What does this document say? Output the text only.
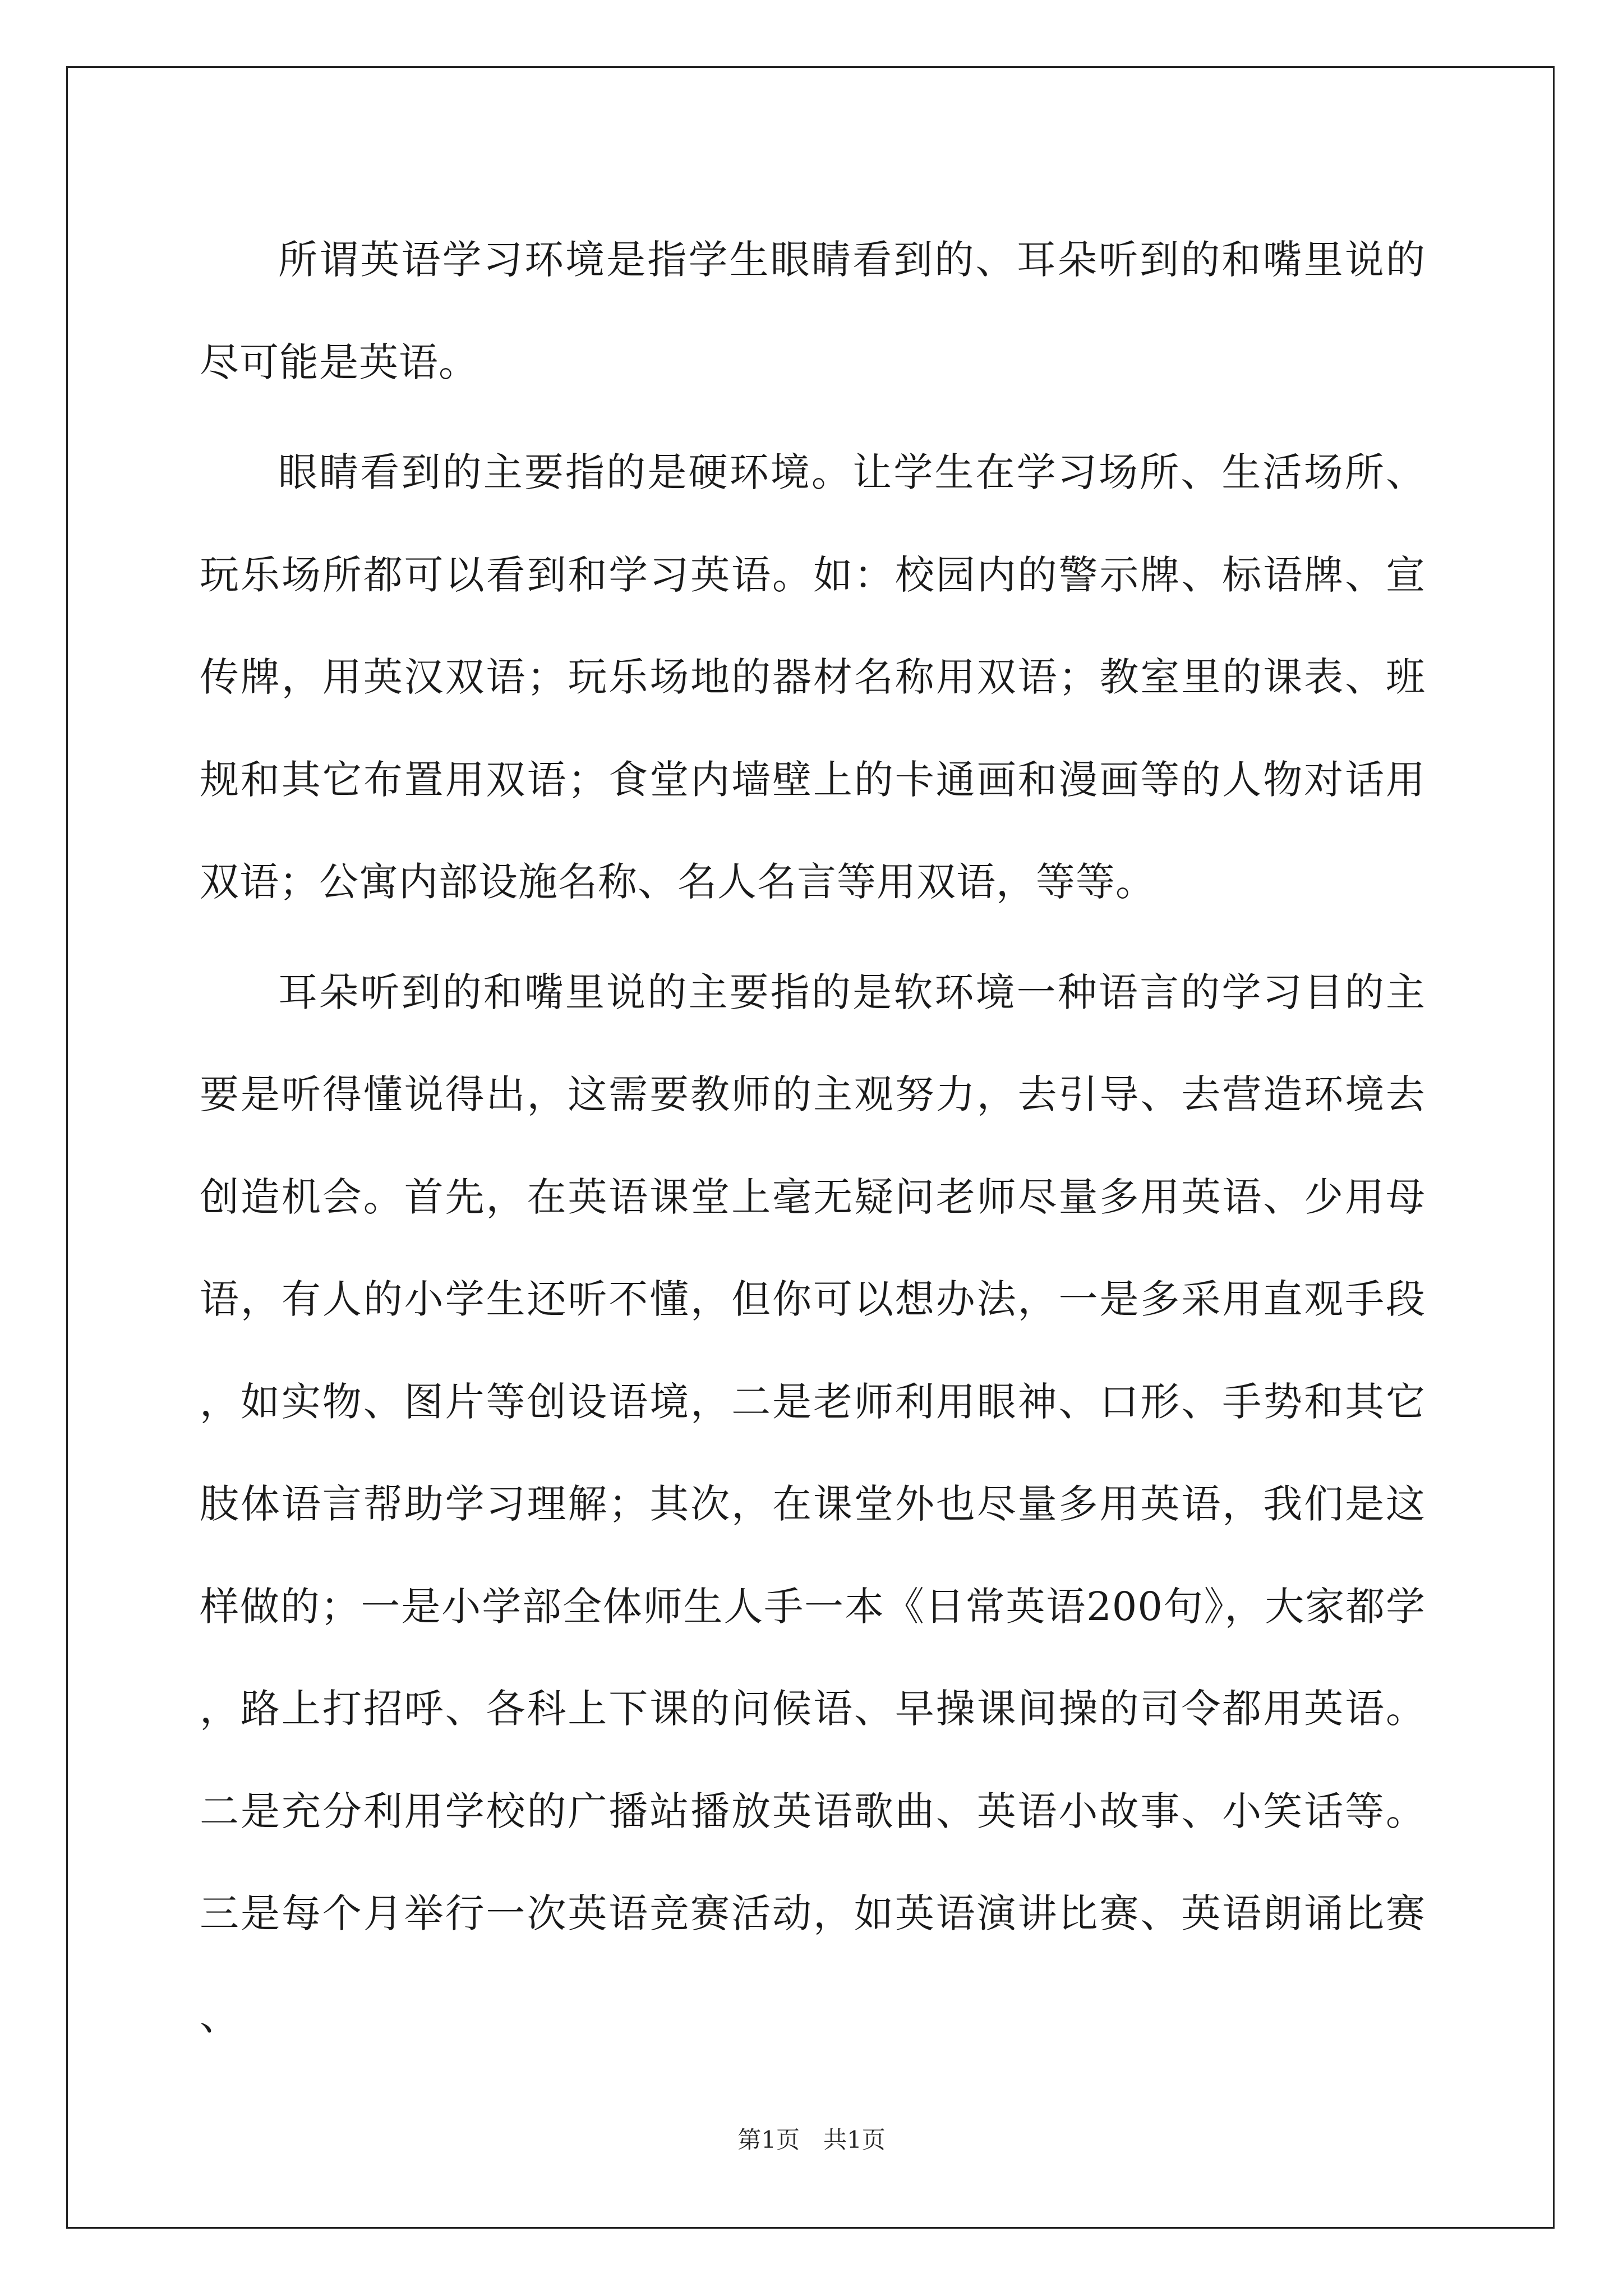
所谓英语学习环境是指学生眼睛看到的、耳朵听到的和嘴里说的尽可能是英语。

眼睛看到的主要指的是硬环境。让学生在学习场所、生活场所、玩乐场所都可以看到和学习英语。如：校园内的警示牌、标语牌、宣传牌，用英汉双语；玩乐场地的器材名称用双语；教室里的课表、班规和其它布置用双语；食堂内墙壁上的卡通画和漫画等的人物对话用双语；公寓内部设施名称、名人名言等用双语，等等。

耳朵听到的和嘴里说的主要指的是软环境一种语言的学习目的主要是听得懂说得出，这需要教师的主观努力，去引导、去营造环境去创造机会。首先，在英语课堂上毫无疑问老师尽量多用英语、少用母语，有人的小学生还听不懂，但你可以想办法，一是多采用直观手段，如实物、图片等创设语境，二是老师利用眼神、口形、手势和其它肢体语言帮助学习理解；其次，在课堂外也尽量多用英语，我们是这样做的；一是小学部全体师生人手一本《日常英语200句》，大家都学，路上打招呼、各科上下课的问候语、早操课间操的司令都用英语。二是充分利用学校的广播站播放英语歌曲、英语小故事、小笑话等。三是每个月举行一次英语竞赛活动，如英语演讲比赛、英语朗诵比赛、

第1页　共1页
